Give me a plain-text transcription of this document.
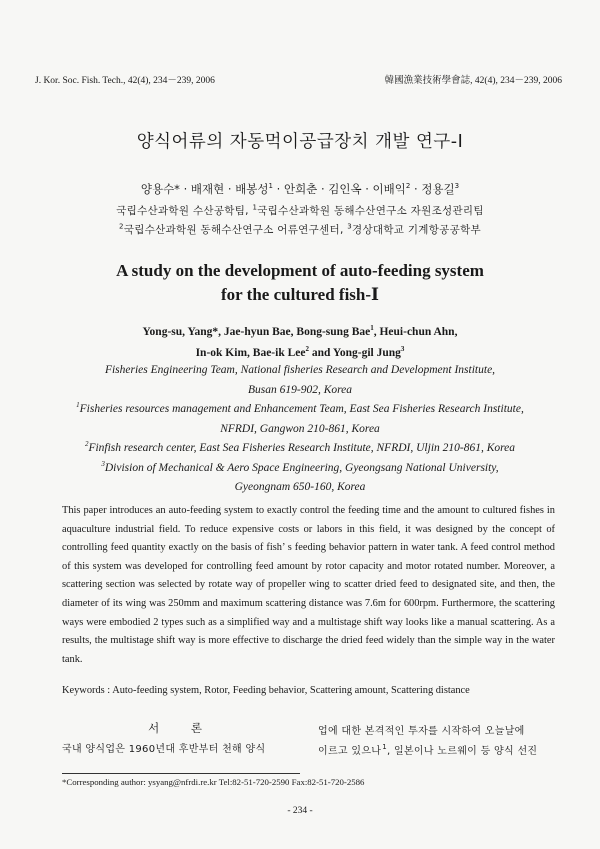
J. Kor. Soc. Fish. Tech., 42(4), 234－239, 2006	韓國漁業技術學會誌, 42(4), 234－239, 2006
양식어류의 자동먹이공급장치 개발 연구-Ⅰ
양용수* · 배재현 · 배봉성$^1$ · 안희춘 · 김인옥 · 이배익$^2$ · 정용길$^3$
국립수산과학원 수산공학팀, $^1$국립수산과학원 동해수산연구소 자원조성관리팀
$^2$국립수산과학원 동해수산연구소 어류연구센터, $^3$경상대학교 기계항공공학부
A study on the development of auto-feeding system
for the cultured fish-Ⅰ
Yong-su, Yang*, Jae-hyun Bae, Bong-sung Bae$^1$, Heui-chun Ahn,
In-ok Kim, Bae-ik Lee$^2$ and Yong-gil Jung$^3$
Fisheries Engineering Team, National fisheries Research and Development Institute,
Busan 619-902, Korea
$^1$Fisheries resources management and Enhancement Team, East Sea Fisheries Research Institute,
NFRDI, Gangwon 210-861, Korea
$^2$Finfish research center, East Sea Fisheries Research Institute, NFRDI, Uljin 210-861, Korea
$^3$Division of Mechanical & Aero Space Engineering, Gyeongsang National University,
Gyeongnam 650-160, Korea
This paper introduces an auto-feeding system to exactly control the feeding time and the amount to cultured fishes in aquaculture industrial field. To reduce expensive costs or labors in this field, it was designed by the concept of controlling feed quantity exactly on the basis of fish’ s feeding behavior pattern in water tank. A feed control method of this system was developed for controlling feed amount by rotor capacity and motor rotated number. Moreover, a scattering section was selected by rotate way of propeller wing to scatter dried feed to designated site, and then, the diameter of its wing was 250mm and maximum scattering distance was 7.6m for 600rpm. Furthermore, the scattering ways were embodied 2 types such as a simplified way and a multistage shift way looks like a manual scattering. As a results, the multistage shift way is more effective to discharge the dried feed widely than the simple way in the water tank.
Keywords : Auto-feeding system, Rotor, Feeding behavior, Scattering amount, Scattering distance
서 론
국내 양식업은 1960년대 후반부터 천해 양식
업에 대한 본격적인 투자를 시작하여 오늘날에
이르고 있으나$^1$, 일본이나 노르웨이 등 양식 선진
*Corresponding author: ysyang@nfrdi.re.kr Tel:82-51-720-2590 Fax:82-51-720-2586
- 234 -
